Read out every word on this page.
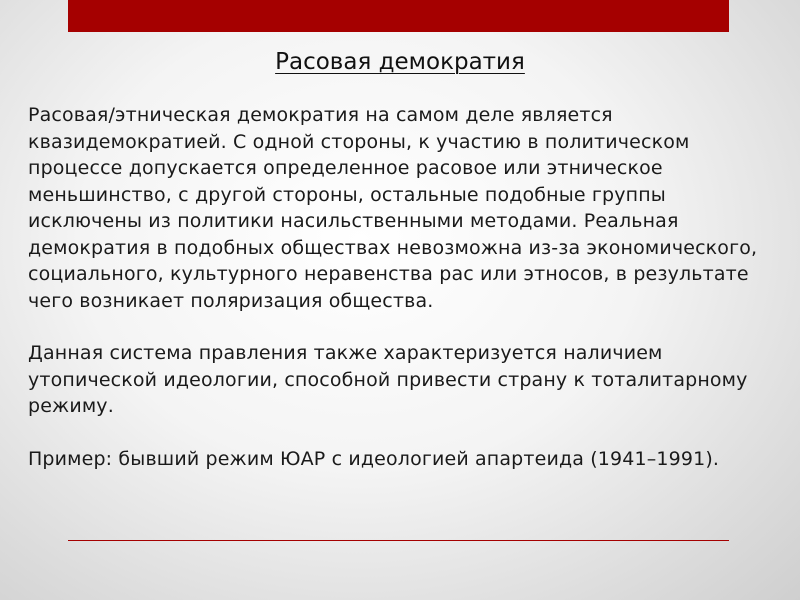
Расовая демократия

Расовая/этническая демократия на самом деле является квазидемократией. С одной стороны, к участию в политическом процессе допускается определенное расовое или этническое меньшинство, с другой стороны, остальные подобные группы исключены из политики насильственными методами. Реальная демократия в подобных обществах невозможна из-за экономического, социального, культурного неравенства рас или этносов, в результате чего возникает поляризация общества.

Данная система правления также характеризуется наличием утопической идеологии, способной привести страну к тоталитарному режиму.

Пример: бывший режим ЮАР с идеологией апартеида (1941–1991).
